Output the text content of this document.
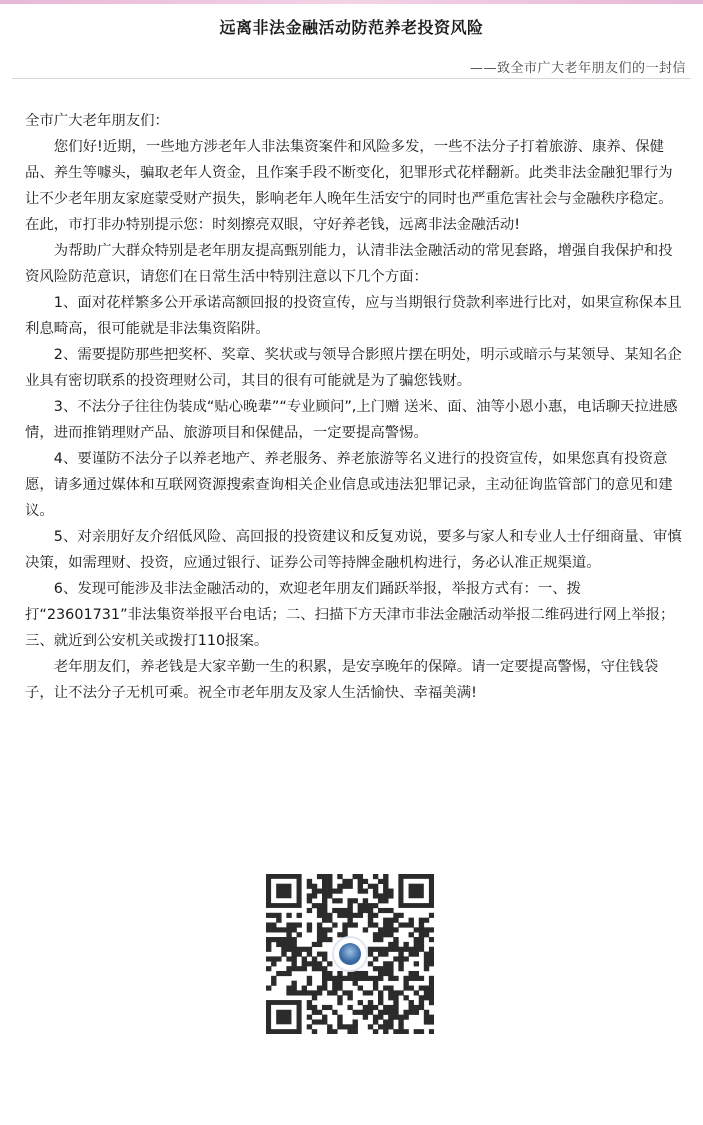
远离非法金融活动防范养老投资风险
——致全市广大老年朋友们的一封信

全市广大老年朋友们：

您们好!近期，一些地方涉老年人非法集资案件和风险多发，一些不法分子打着旅游、康养、保健品、养生等噱头，骗取老年人资金，且作案手段不断变化，犯罪形式花样翻新。此类非法金融犯罪行为让不少老年朋友家庭蒙受财产损失，影响老年人晚年生活安宁的同时也严重危害社会与金融秩序稳定。在此，市打非办特别提示您：时刻擦亮双眼，守好养老钱，远离非法金融活动!

为帮助广大群众特别是老年朋友提高甄别能力，认清非法金融活动的常见套路，增强自我保护和投资风险防范意识，请您们在日常生活中特别注意以下几个方面：

1、面对花样繁多公开承诺高额回报的投资宣传，应与当期银行贷款利率进行比对，如果宣称保本且利息畸高，很可能就是非法集资陷阱。

2、需要提防那些把奖杯、奖章、奖状或与领导合影照片摆在明处，明示或暗示与某领导、某知名企业具有密切联系的投资理财公司，其目的很有可能就是为了骗您钱财。

3、不法分子往往伪装成“贴心晚辈”“专业顾问”,上门赠 送米、面、油等小恩小惠，电话聊天拉进感情，进而推销理财产品、旅游项目和保健品，一定要提高警惕。

4、要谨防不法分子以养老地产、养老服务、养老旅游等名义进行的投资宣传，如果您真有投资意愿，请多通过媒体和互联网资源搜索查询相关企业信息或违法犯罪记录，主动征询监管部门的意见和建议。

5、对亲朋好友介绍低风险、高回报的投资建议和反复劝说，要多与家人和专业人士仔细商量、审慎决策，如需理财、投资，应通过银行、证券公司等持牌金融机构进行，务必认准正规渠道。

6、发现可能涉及非法金融活动的，欢迎老年朋友们踊跃举报，举报方式有：一、拨打“23601731”非法集资举报平台电话；二、扫描下方天津市非法金融活动举报二维码进行网上举报；三、就近到公安机关或拨打110报案。

老年朋友们，养老钱是大家辛勤一生的积累，是安享晚年的保障。请一定要提高警惕，守住钱袋子，让不法分子无机可乘。祝全市老年朋友及家人生活愉快、幸福美满!
